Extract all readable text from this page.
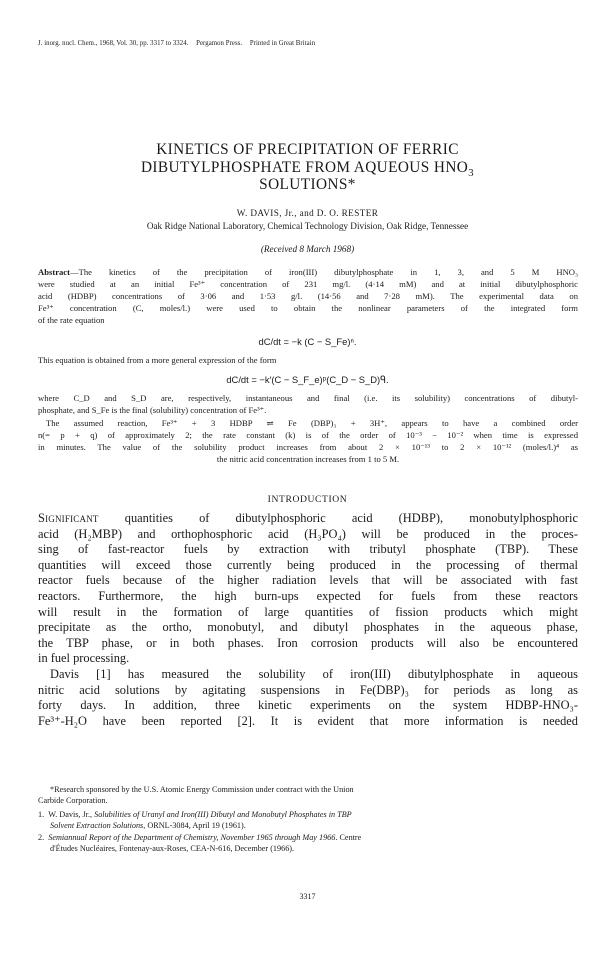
J. inorg. nucl. Chem., 1968, Vol. 30, pp. 3317 to 3324. Pergamon Press. Printed in Great Britain
KINETICS OF PRECIPITATION OF FERRIC
DIBUTYLPHOSPHATE FROM AQUEOUS $HNO_3$
SOLUTIONS*
W. DAVIS, Jr., and D. O. RESTER
Oak Ridge National Laboratory, Chemical Technology Division, Oak Ridge, Tennessee
(Received 8 March 1968)
Abstract—The kinetics of the precipitation of iron(III) dibutylphosphate in 1, 3, and 5 M HNO₃
were studied at an initial Fe³⁺ concentration of 231 mg/l. (4·14 mM) and at initial dibutylphosphoric
acid (HDBP) concentrations of 3·06 and 1·53 g/l. (14·56 and 7·28 mM). The experimental data on
Fe³⁺ concentration (C, moles/l.) were used to obtain the nonlinear parameters of the integrated form
of the rate equation
dC/dt = −k (C − S_Fe)ⁿ.
This equation is obtained from a more general expression of the form
dC/dt = −k′(C − S_F_e)ᵖ(C_D − S_D)ᑫ.
where C_D and S_D are, respectively, instantaneous and final (i.e. its solubility) concentrations of dibutyl-
phosphate, and S_Fe is the final (solubility) concentration of Fe³⁺.
The assumed reaction, Fe³⁺ + 3 HDBP ⇌ Fe (DBP)₃ + 3H⁺, appears to have a combined order
n(= p + q) of approximately 2; the rate constant (k) is of the order of 10⁻³ − 10⁻² when time is expressed
in minutes. The value of the solubility product increases from about 2 × 10⁻¹³ to 2 × 10⁻¹² (moles/l.)⁴ as
the nitric acid concentration increases from 1 to 5 M.
INTRODUCTION
Significant quantities of dibutylphosphoric acid (HDBP), monobutylphosphoric
acid (H₂MBP) and orthophosphoric acid (H₃PO₄) will be produced in the proces-
sing of fast-reactor fuels by extraction with tributyl phosphate (TBP). These
quantities will exceed those currently being produced in the processing of thermal
reactor fuels because of the higher radiation levels that will be associated with fast
reactors. Furthermore, the high burn-ups expected for fuels from these reactors
will result in the formation of large quantities of fission products which might
precipitate as the ortho, monobutyl, and dibutyl phosphates in the aqueous phase,
the TBP phase, or in both phases. Iron corrosion products will also be encountered
in fuel processing.
Davis [1] has measured the solubility of iron(III) dibutylphosphate in aqueous
nitric acid solutions by agitating suspensions in Fe(DBP)₃ for periods as long as
forty days. In addition, three kinetic experiments on the system HDBP-HNO₃-
Fe³⁺-H₂O have been reported [2]. It is evident that more information is needed
*Research sponsored by the U.S. Atomic Energy Commission under contract with the Union
Carbide Corporation.
1. W. Davis, Jr., Solubilities of Uranyl and Iron(III) Dibutyl and Monobutyl Phosphates in TBP
Solvent Extraction Solutions, ORNL-3084, April 19 (1961).
2. Semiannual Report of the Department of Chemistry, November 1965 through May 1966. Centre
d'Études Nucléaires, Fontenay-aux-Roses, CEA-N-616, December (1966).
3317
